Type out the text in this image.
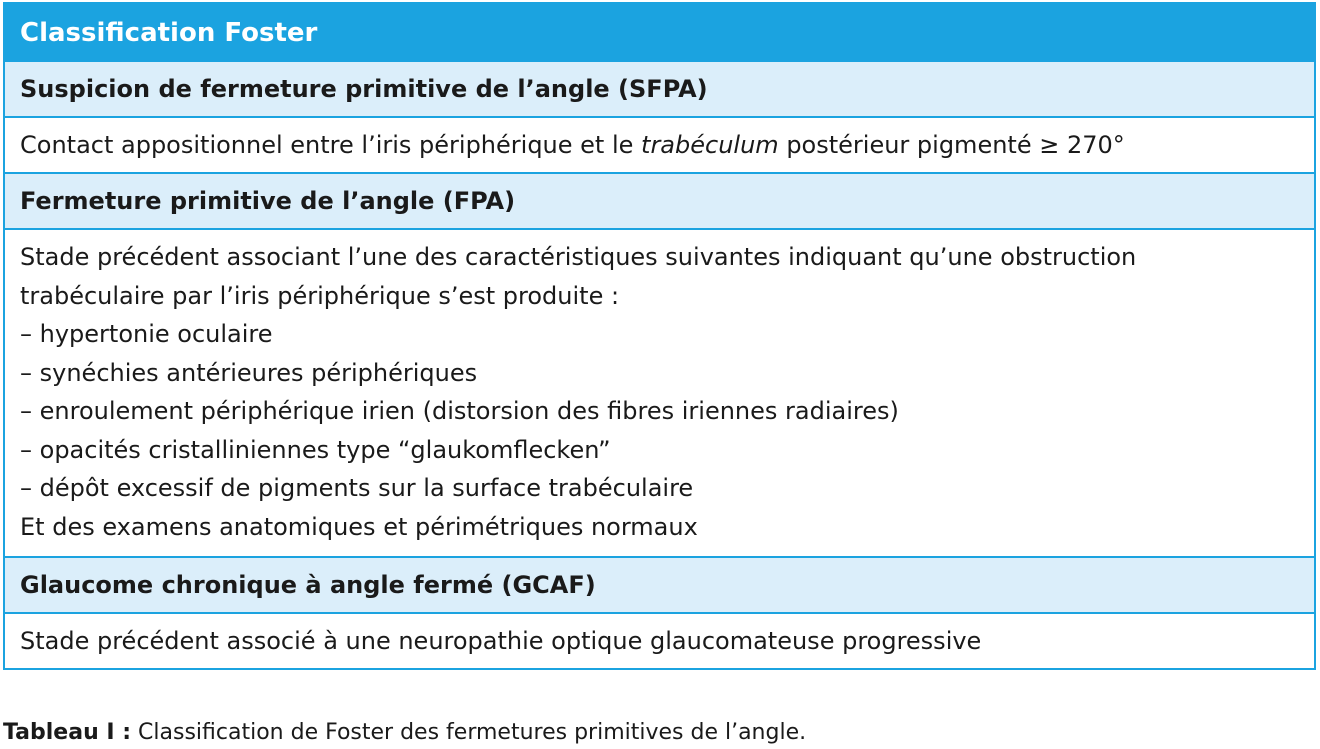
Classification Foster
Suspicion de fermeture primitive de l’angle (SFPA)
Contact appositionnel entre l’iris périphérique et le trabéculum postérieur pigmenté ≥ 270°
Fermeture primitive de l’angle (FPA)
Stade précédent associant l’une des caractéristiques suivantes indiquant qu’une obstruction
trabéculaire par l’iris périphérique s’est produite :
– hypertonie oculaire
– synéchies antérieures périphériques
– enroulement périphérique irien (distorsion des fibres iriennes radiaires)
– opacités cristalliniennes type “glaukomflecken”
– dépôt excessif de pigments sur la surface trabéculaire
Et des examens anatomiques et périmétriques normaux
Glaucome chronique à angle fermé (GCAF)
Stade précédent associé à une neuropathie optique glaucomateuse progressive
Tableau I : Classification de Foster des fermetures primitives de l’angle.
